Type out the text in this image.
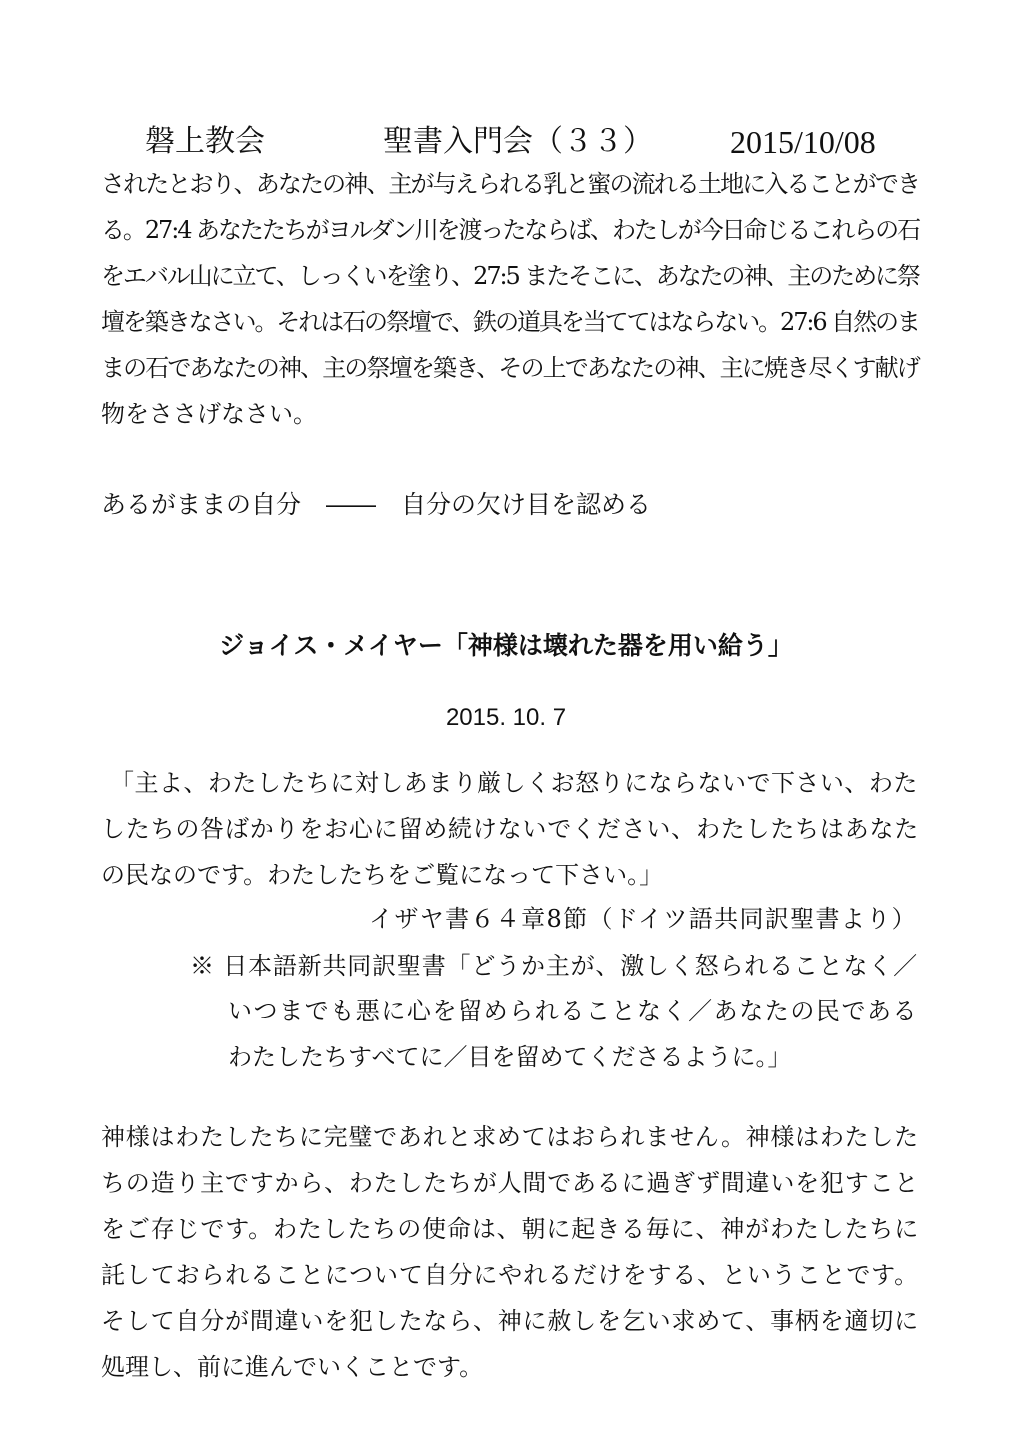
磐上教会	聖書入門会（３３） 2015/10/08
されたとおり、あなたの神、主が与えられる乳と蜜の流れる土地に入ることができ
る。27:4 あなたたちがヨルダン川を渡ったならば、わたしが今日命じるこれらの石
をエバル山に立て、しっくいを塗り、27:5 またそこに、あなたの神、主のために祭
壇を築きなさい。それは石の祭壇で、鉄の道具を当ててはならない。27:6 自然のま
まの石であなたの神、主の祭壇を築き、その上であなたの神、主に焼き尽くす献げ
物をささげなさい。
あるがままの自分　――　自分の欠け目を認める
ジョイス・メイヤー「神様は壊れた器を用い給う」
2015. 10. 7
「主よ、わたしたちに対しあまり厳しくお怒りにならないで下さい、わた
したちの咎ばかりをお心に留め続けないでください、わたしたちはあなた
の民なのです。わたしたちをご覧になって下さい。」
イザヤ書６４章8節（ドイツ語共同訳聖書より）
※ 日本語新共同訳聖書「どうか主が、激しく怒られることなく／
いつまでも悪に心を留められることなく／あなたの民である
わたしたちすべてに／目を留めてくださるように。」
神様はわたしたちに完璧であれと求めてはおられません。神様はわたした
ちの造り主ですから、わたしたちが人間であるに過ぎず間違いを犯すこと
をご存じです。わたしたちの使命は、朝に起きる毎に、神がわたしたちに
託しておられることについて自分にやれるだけをする、ということです。
そして自分が間違いを犯したなら、神に赦しを乞い求めて、事柄を適切に
処理し、前に進んでいくことです。
